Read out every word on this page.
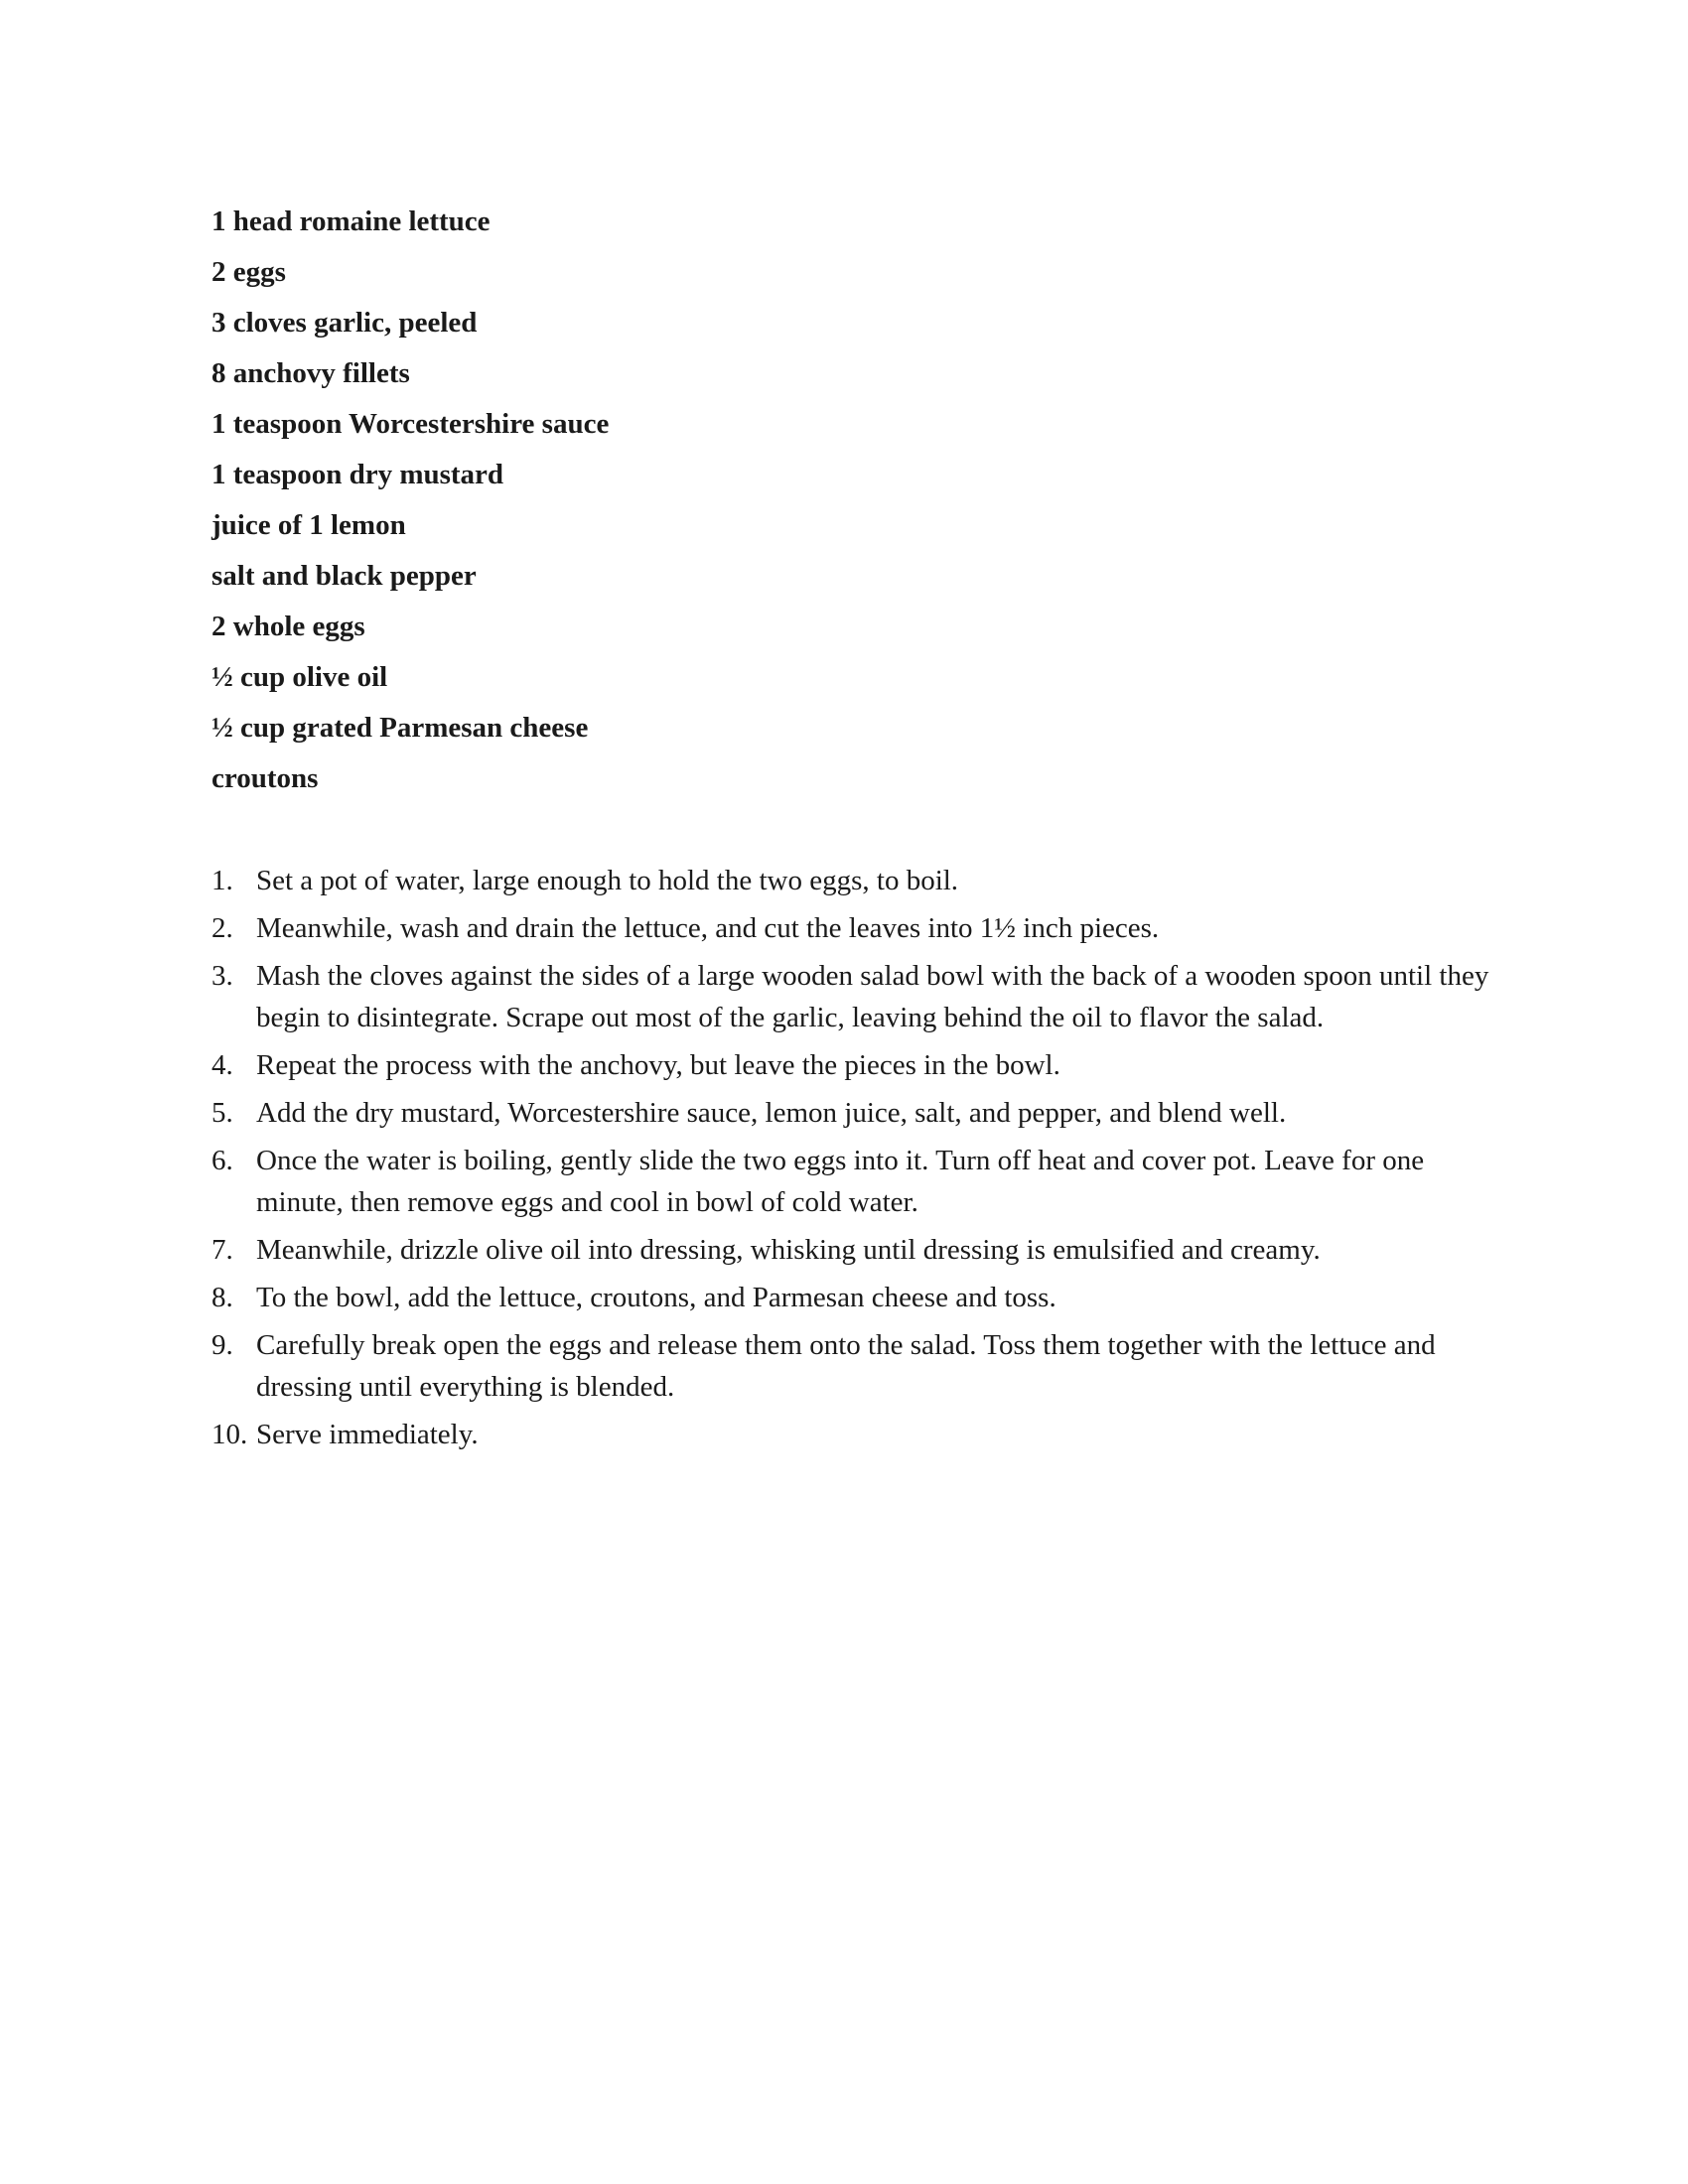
1 head romaine lettuce
2 eggs
3 cloves garlic, peeled
8 anchovy fillets
1 teaspoon Worcestershire sauce
1 teaspoon dry mustard
juice of 1 lemon
salt and black pepper
2 whole eggs
½ cup olive oil
½ cup grated Parmesan cheese
croutons
1. Set a pot of water, large enough to hold the two eggs, to boil.
2. Meanwhile, wash and drain the lettuce, and cut the leaves into 1½ inch pieces.
3. Mash the cloves against the sides of a large wooden salad bowl with the back of a wooden spoon until they begin to disintegrate. Scrape out most of the garlic, leaving behind the oil to flavor the salad.
4. Repeat the process with the anchovy, but leave the pieces in the bowl.
5. Add the dry mustard, Worcestershire sauce, lemon juice, salt, and pepper, and blend well.
6. Once the water is boiling, gently slide the two eggs into it. Turn off heat and cover pot. Leave for one minute, then remove eggs and cool in bowl of cold water.
7. Meanwhile, drizzle olive oil into dressing, whisking until dressing is emulsified and creamy.
8. To the bowl, add the lettuce, croutons, and Parmesan cheese and toss.
9. Carefully break open the eggs and release them onto the salad. Toss them together with the lettuce and dressing until everything is blended.
10. Serve immediately.
